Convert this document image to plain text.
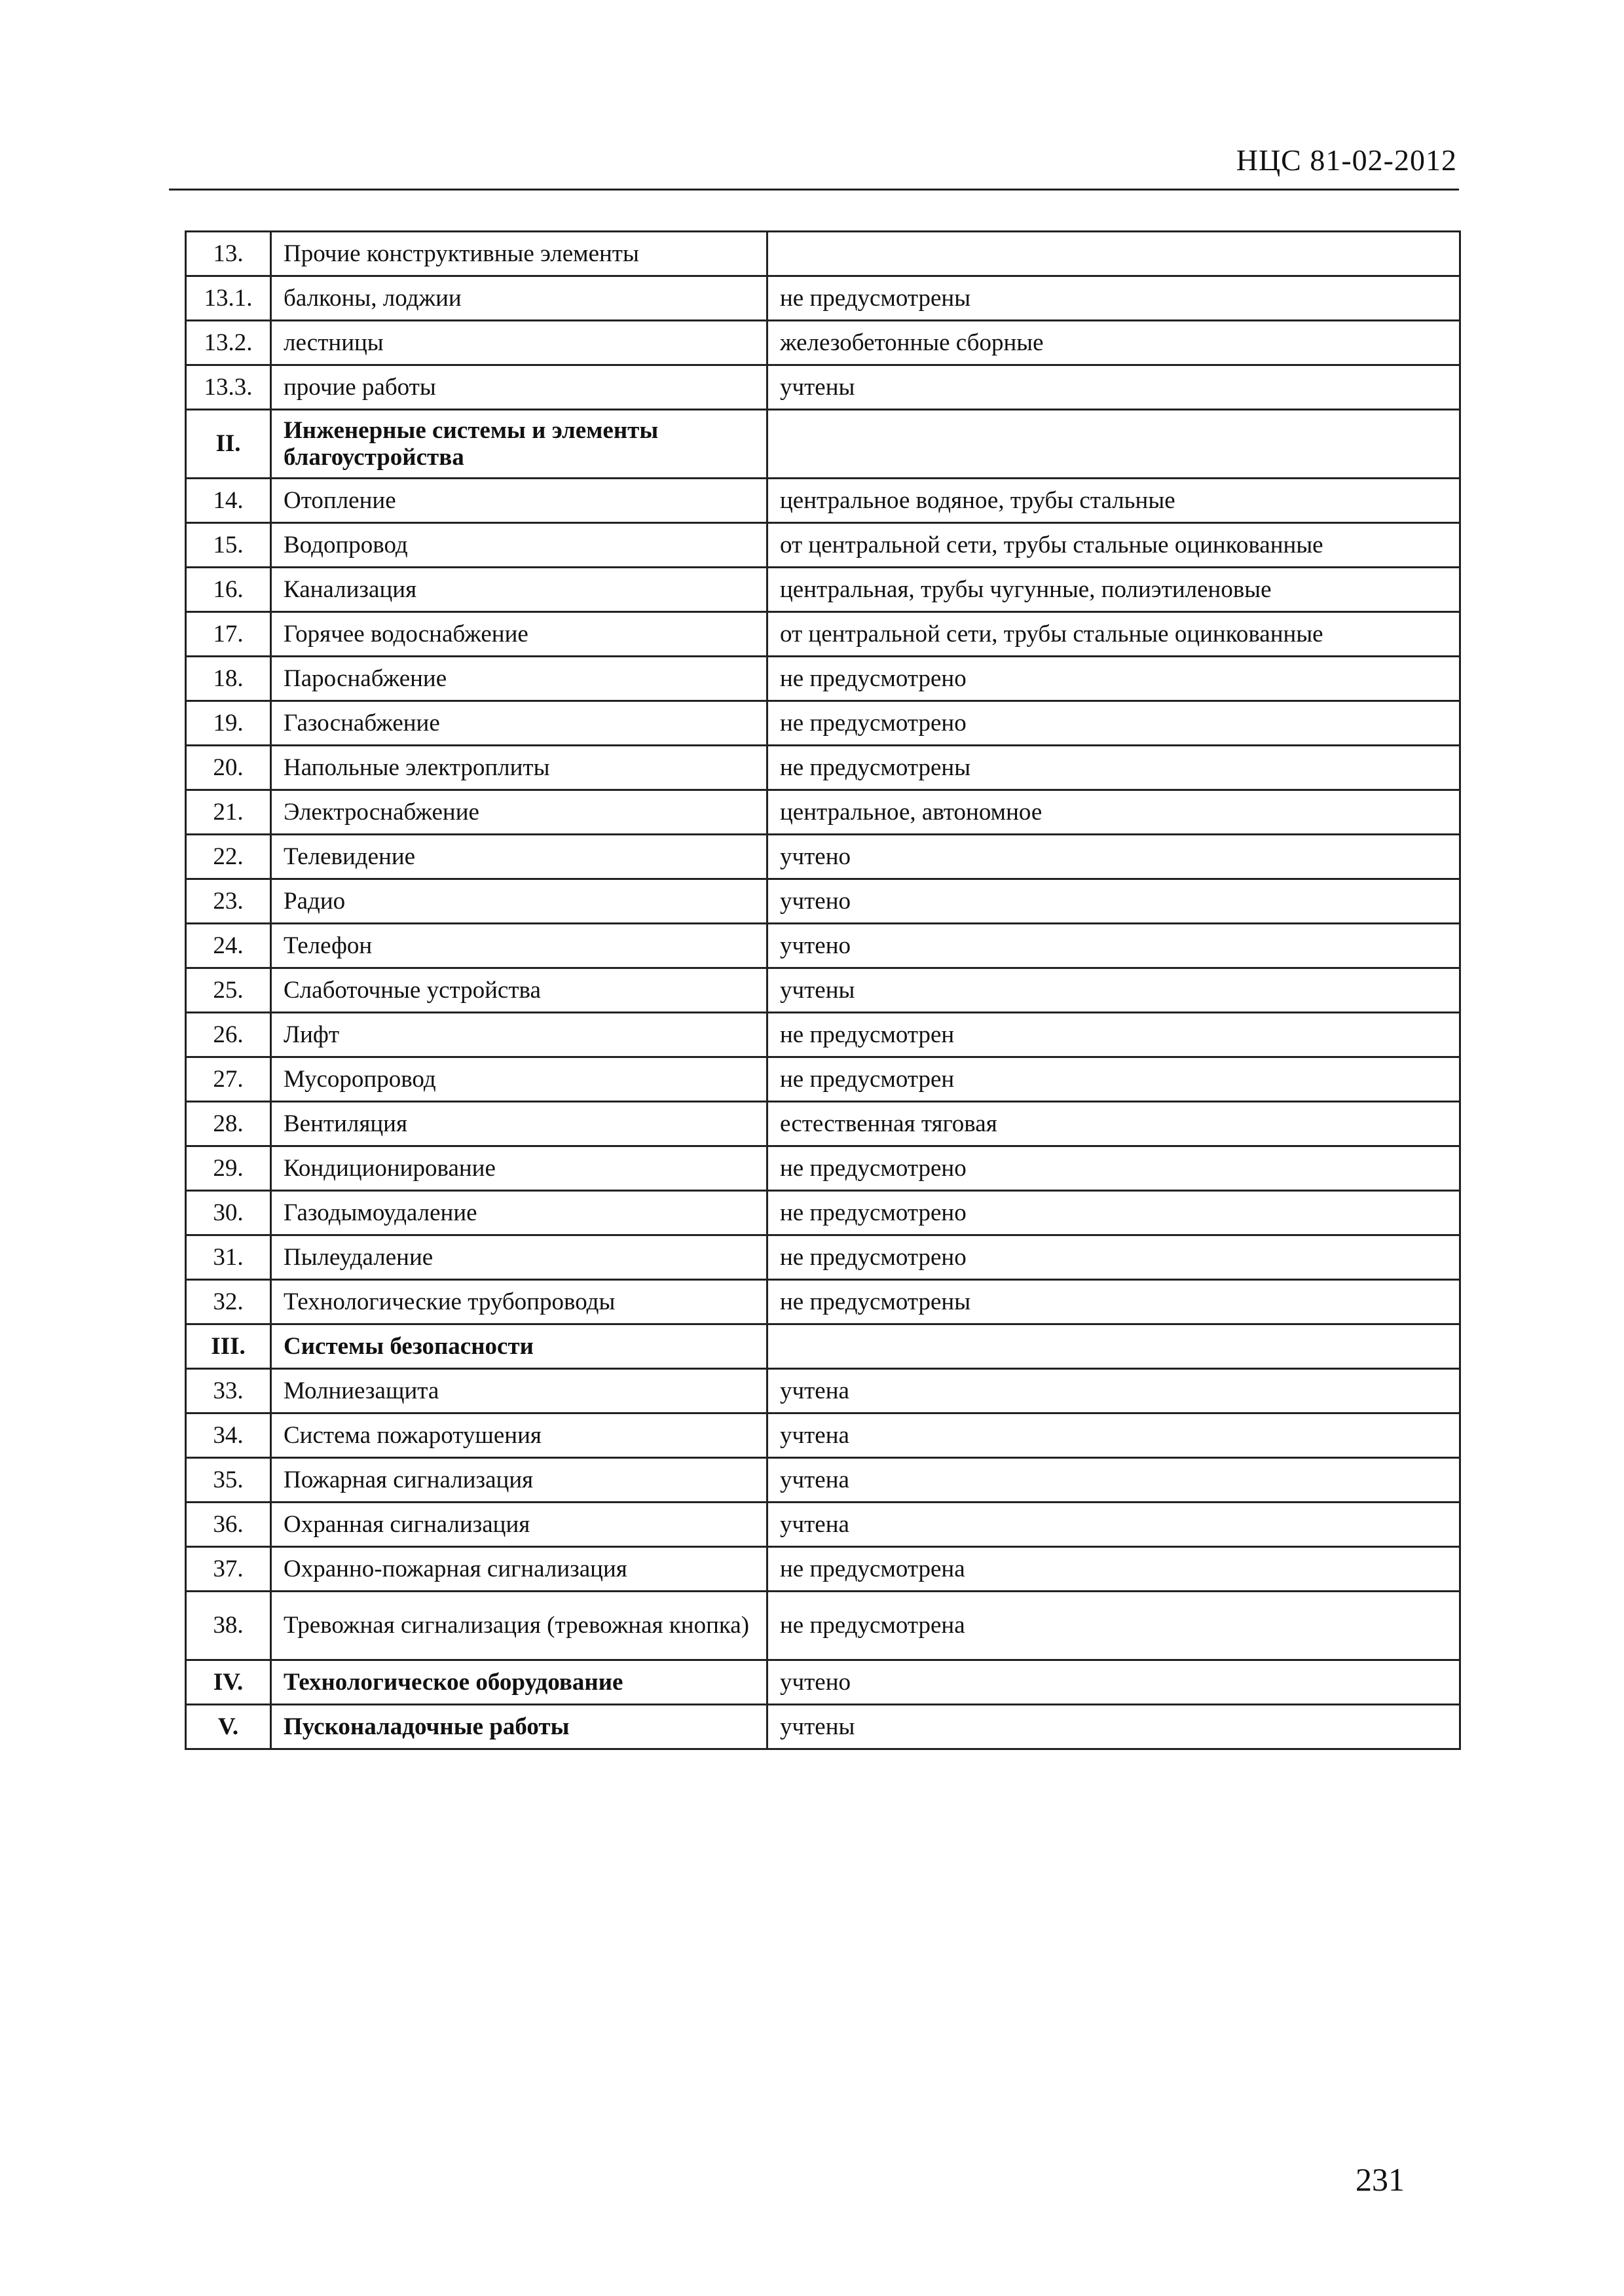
НЦС 81-02-2012
13.	Прочие конструктивные элементы	
13.1.	балконы, лоджии	не предусмотрены
13.2.	лестницы	железобетонные сборные
13.3.	прочие работы	учтены
II.	Инженерные системы и элементы благоустройства	
14.	Отопление	центральное водяное, трубы стальные
15.	Водопровод	от центральной сети, трубы стальные оцинкованные
16.	Канализация	центральная, трубы чугунные, полиэтиленовые
17.	Горячее водоснабжение	от центральной сети, трубы стальные оцинкованные
18.	Пароснабжение	не предусмотрено
19.	Газоснабжение	не предусмотрено
20.	Напольные электроплиты	не предусмотрены
21.	Электроснабжение	центральное, автономное
22.	Телевидение	учтено
23.	Радио	учтено
24.	Телефон	учтено
25.	Слаботочные устройства	учтены
26.	Лифт	не предусмотрен
27.	Мусоропровод	не предусмотрен
28.	Вентиляция	естественная тяговая
29.	Кондиционирование	не предусмотрено
30.	Газодымоудаление	не предусмотрено
31.	Пылеудаление	не предусмотрено
32.	Технологические трубопроводы	не предусмотрены
III.	Системы безопасности	
33.	Молниезащита	учтена
34.	Система пожаротушения	учтена
35.	Пожарная сигнализация	учтена
36.	Охранная сигнализация	учтена
37.	Охранно-пожарная сигнализация	не предусмотрена
38.	Тревожная сигнализация (тревожная кнопка)	не предусмотрена
IV.	Технологическое оборудование	учтено
V.	Пусконаладочные работы	учтены
231
